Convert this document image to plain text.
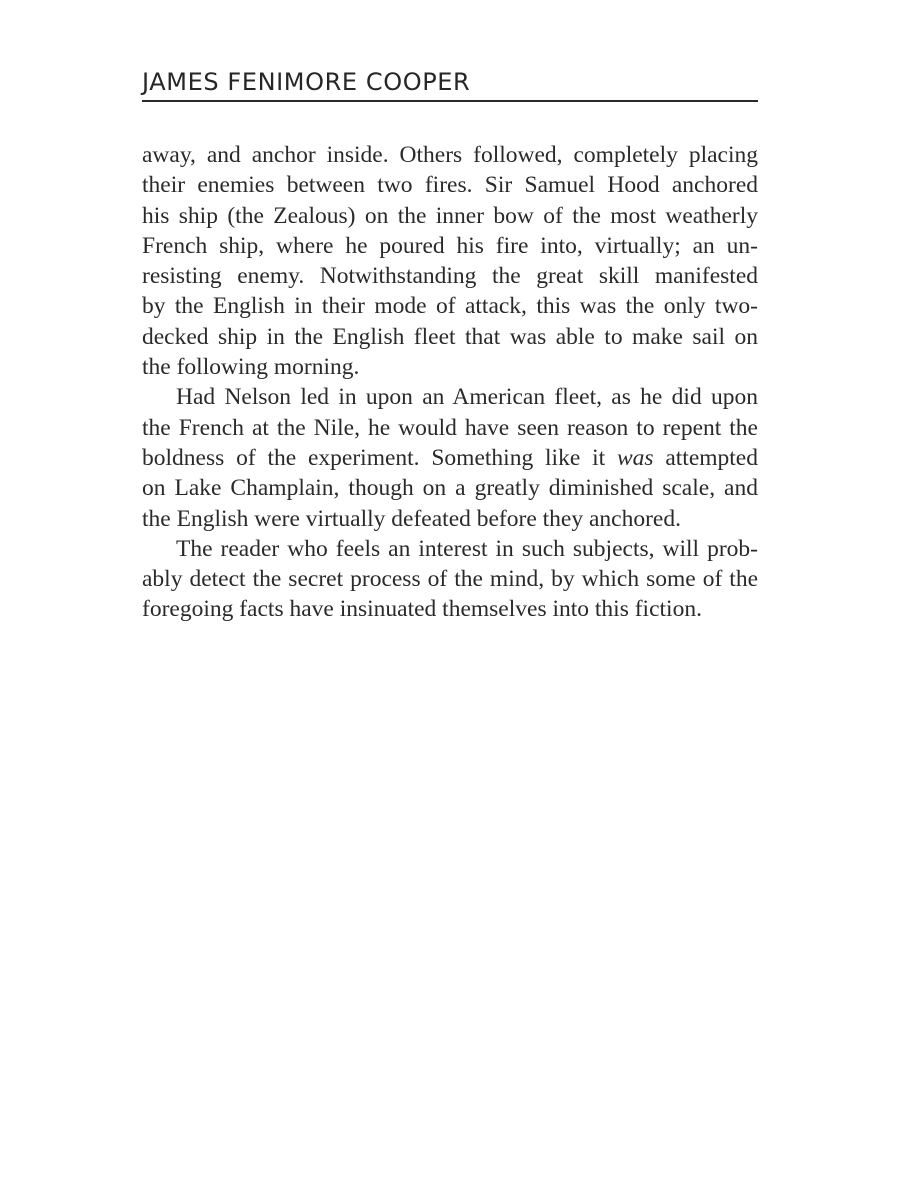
JAMES FENIMORE COOPER

away, and anchor inside. Others followed, completely placing
their enemies between two fires. Sir Samuel Hood anchored
his ship (the Zealous) on the inner bow of the most weatherly
French ship, where he poured his fire into, virtually; an un-
resisting enemy. Notwithstanding the great skill manifested
by the English in their mode of attack, this was the only two-
decked ship in the English fleet that was able to make sail on
the following morning.

Had Nelson led in upon an American fleet, as he did upon
the French at the Nile, he would have seen reason to repent the
boldness of the experiment. Something like it was attempted
on Lake Champlain, though on a greatly diminished scale, and
the English were virtually defeated before they anchored.

The reader who feels an interest in such subjects, will prob-
ably detect the secret process of the mind, by which some of the
foregoing facts have insinuated themselves into this fiction.
